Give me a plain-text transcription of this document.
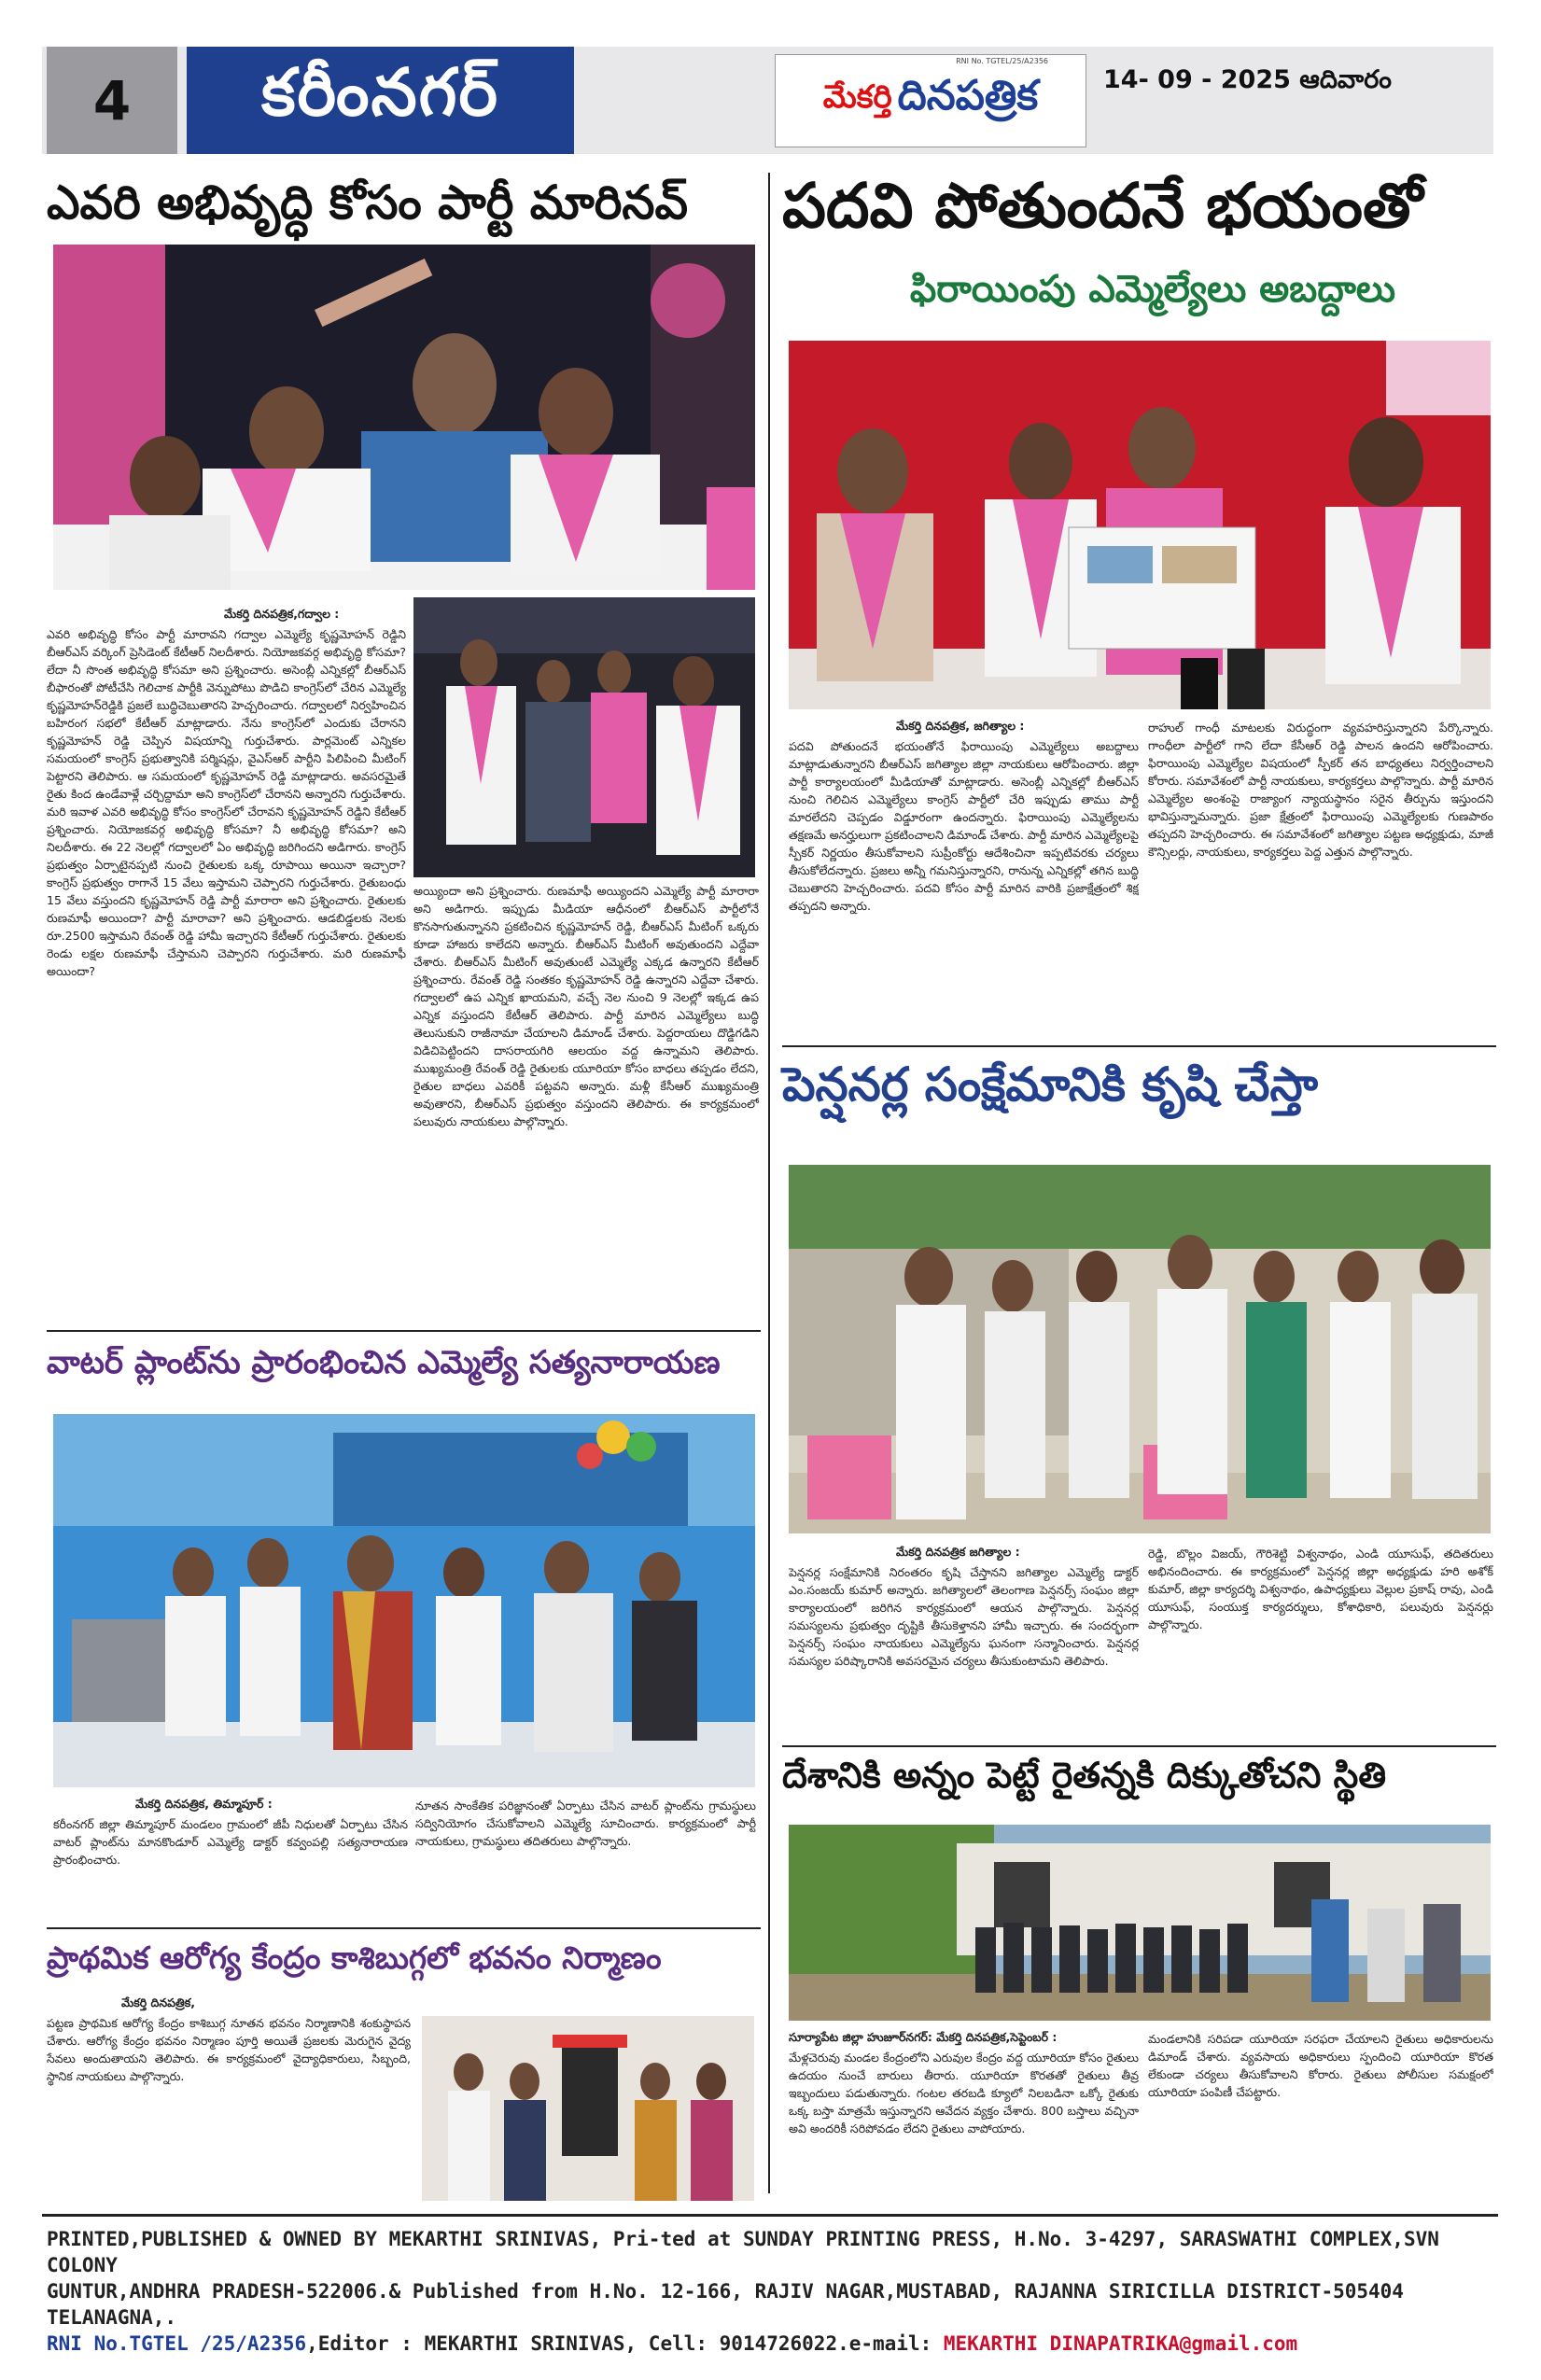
4	కరీంనగర్	RNI No. TGTEL/25/A2356
మేకర్తి దినపత్రిక	14- 09 - 2025 ఆదివారం
ఎవరి అభివృద్ధి కోసం పార్టీ మారినవ్
మేకర్తి దినపత్రిక,గద్వాల :
ఎవరి అభివృద్ధి కోసం పార్టీ మారావని గద్వాల ఎమ్మెల్యే కృష్ణమోహన్ రెడ్డిని బీఆర్ఎస్ వర్కింగ్ ప్రెసిడెంట్ కేటీఆర్ నిలదీశారు. నియోజకవర్గ అభివృద్ధి కోసమా? లేదా నీ సొంత అభివృద్ధి కోసమా అని ప్రశ్నించారు. అసెంబ్లీ ఎన్నికల్లో బీఆర్ఎస్ బీఫారంతో పోటీచేసి గెలిచాక పార్టీకి వెన్నుపోటు పొడిచి కాంగ్రెస్‌లో చేరిన ఎమ్మెల్యే కృష్ణమోహన్‌రెడ్డికి ప్రజలే బుద్ధిచెబుతారని హెచ్చరించారు. గద్వాలలో నిర్వహించిన బహిరంగ సభలో కేటీఆర్ మాట్లాడారు. నేను కాంగ్రెస్‌లో ఎందుకు చేరానని కృష్ణమోహన్ రెడ్డి చెప్పిన విషయాన్ని గుర్తుచేశారు. పార్లమెంట్ ఎన్నికల సమయంలో కాంగ్రెస్ ప్రభుత్వానికి పర్మిషన్లు, వైఎస్ఆర్ పార్టీని పిలిపించి మీటింగ్ పెట్టారని తెలిపారు. ఆ సమయంలో కృష్ణమోహన్ రెడ్డి మాట్లాడారు. అవసరమైతే రైతు కింద ఉండేవాళ్లే చర్చిద్దామా అని కాంగ్రెస్‌లో చేరానని అన్నారని గుర్తుచేశారు. మరి ఇవాళ ఎవరి అభివృద్ధి కోసం కాంగ్రెస్‌లో చేరావని కృష్ణమోహన్ రెడ్డిని కేటీఆర్ ప్రశ్నించారు. నియోజకవర్గ అభివృద్ధి కోసమా? నీ అభివృద్ధి కోసమా? అని నిలదీశారు. ఈ 22 నెలల్లో గద్వాలలో ఏం అభివృద్ధి జరిగిందని అడిగారు. కాంగ్రెస్ ప్రభుత్వం ఏర్పాటైనప్పటి నుంచి రైతులకు ఒక్క రూపాయి అయినా ఇచ్చారా? కాంగ్రెస్ ప్రభుత్వం రాగానే 15 వేలు ఇస్తామని చెప్పారని గుర్తుచేశారు. రైతుబంధు 15 వేలు వస్తుందని కృష్ణమోహన్ రెడ్డి పార్టీ మారారా అని ప్రశ్నించారు. రైతులకు రుణమాఫీ అయిందా? పార్టీ మారావా? అని ప్రశ్నించారు. ఆడబిడ్డలకు నెలకు రూ.2500 ఇస్తామని రేవంత్ రెడ్డి హామీ ఇచ్చారని కేటీఆర్ గుర్తుచేశారు. రైతులకు రెండు లక్షల రుణమాఫీ చేస్తామని చెప్పారని గుర్తుచేశారు. మరి రుణమాఫీ అయిందా?
అయ్యిందా అని ప్రశ్నించారు. రుణమాఫీ అయ్యిందని ఎమ్మెల్యే పార్టీ మారారా అని అడిగారు. ఇప్పుడు మీడియా ఆధీనంలో బీఆర్ఎస్ పార్టీలోనే కొనసాగుతున్నానని ప్రకటించిన కృష్ణమోహన్ రెడ్డి, బీఆర్ఎస్ మీటింగ్ ఒక్కరు కూడా హాజరు కాలేదని అన్నారు. బీఆర్ఎస్ మీటింగ్ అవుతుందని ఎద్దేవా చేశారు. బీఆర్ఎస్ మీటింగ్ అవుతుంటే ఎమ్మెల్యే ఎక్కడ ఉన్నారని కేటీఆర్ ప్రశ్నించారు. రేవంత్ రెడ్డి సంతకం కృష్ణమోహన్ రెడ్డి ఉన్నారని ఎద్దేవా చేశారు. గద్వాలలో ఉప ఎన్నిక ఖాయమని, వచ్చే నెల నుంచి 9 నెలల్లో ఇక్కడ ఉప ఎన్నిక వస్తుందని కేటీఆర్ తెలిపారు. పార్టీ మారిన ఎమ్మెల్యేలు బుద్ధి తెలుసుకుని రాజీనామా చేయాలని డిమాండ్ చేశారు. పెద్దరాయలు దొడ్డిగడిని విడిచిపెట్టిందని దాసరాయగిరి ఆలయం వద్ద ఉన్నామని తెలిపారు. ముఖ్యమంత్రి రేవంత్ రెడ్డి రైతులకు యూరియా కోసం బాధలు తప్పడం లేదని, రైతుల బాధలు ఎవరికీ పట్టవని అన్నారు. మళ్లీ కేసీఆర్ ముఖ్యమంత్రి అవుతారని, బీఆర్ఎస్ ప్రభుత్వం వస్తుందని తెలిపారు. ఈ కార్యక్రమంలో పలువురు నాయకులు పాల్గొన్నారు.
వాటర్ ప్లాంట్‌ను ప్రారంభించిన ఎమ్మెల్యే సత్యనారాయణ
మేకర్తి దినపత్రిక, తిమ్మాపూర్ :
కరీంనగర్ జిల్లా తిమ్మాపూర్ మండలం గ్రామంలో జీపీ నిధులతో ఏర్పాటు చేసిన వాటర్ ప్లాంట్‌ను మానకొండూర్ ఎమ్మెల్యే డాక్టర్ కవ్వంపల్లి సత్యనారాయణ ప్రారంభించారు.
నూతన సాంకేతిక పరిజ్ఞానంతో ఏర్పాటు చేసిన వాటర్ ప్లాంట్‌ను గ్రామస్థులు సద్వినియోగం చేసుకోవాలని ఎమ్మెల్యే సూచించారు. కార్యక్రమంలో పార్టీ నాయకులు, గ్రామస్థులు తదితరులు పాల్గొన్నారు.
ప్రాథమిక ఆరోగ్య కేంద్రం కాశిబుగ్గలో భవనం నిర్మాణం
మేకర్తి దినపత్రిక,
పట్టణ ప్రాథమిక ఆరోగ్య కేంద్రం కాశిబుగ్గ నూతన భవనం నిర్మాణానికి శంకుస్థాపన చేశారు. ఆరోగ్య కేంద్రం భవనం నిర్మాణం పూర్తి అయితే ప్రజలకు మెరుగైన వైద్య సేవలు అందుతాయని తెలిపారు. ఈ కార్యక్రమంలో వైద్యాధికారులు, సిబ్బంది, స్థానిక నాయకులు పాల్గొన్నారు.
పదవి పోతుందనే భయంతో
ఫిరాయింపు ఎమ్మెల్యేలు అబద్దాలు
మేకర్తి దినపత్రిక, జగిత్యాల :
పదవి పోతుందనే భయంతోనే ఫిరాయింపు ఎమ్మెల్యేలు అబద్దాలు మాట్లాడుతున్నారని బీఆర్ఎస్ జగిత్యాల జిల్లా నాయకులు ఆరోపించారు. జిల్లా పార్టీ కార్యాలయంలో మీడియాతో మాట్లాడారు. అసెంబ్లీ ఎన్నికల్లో బీఆర్ఎస్ నుంచి గెలిచిన ఎమ్మెల్యేలు కాంగ్రెస్ పార్టీలో చేరి ఇప్పుడు తాము పార్టీ మారలేదని చెప్పడం విడ్డూరంగా ఉందన్నారు. ఫిరాయింపు ఎమ్మెల్యేలను తక్షణమే అనర్హులుగా ప్రకటించాలని డిమాండ్ చేశారు. పార్టీ మారిన ఎమ్మెల్యేలపై స్పీకర్ నిర్ణయం తీసుకోవాలని సుప్రీంకోర్టు ఆదేశించినా ఇప్పటివరకు చర్యలు తీసుకోలేదన్నారు. ప్రజలు అన్నీ గమనిస్తున్నారని, రానున్న ఎన్నికల్లో తగిన బుద్ధి చెబుతారని హెచ్చరించారు. పదవి కోసం పార్టీ మారిన వారికి ప్రజాక్షేత్రంలో శిక్ష తప్పదని అన్నారు.
రాహుల్ గాంధీ మాటలకు విరుద్ధంగా వ్యవహరిస్తున్నారని పేర్కొన్నారు. గాంధీలా పార్టీలో గాని లేదా కేసీఆర్ రెడ్డి పాలన ఉందని ఆరోపించారు. ఫిరాయింపు ఎమ్మెల్యేల విషయంలో స్పీకర్ తన బాధ్యతలు నిర్వర్తించాలని కోరారు. సమావేశంలో పార్టీ నాయకులు, కార్యకర్తలు పాల్గొన్నారు. పార్టీ మారిన ఎమ్మెల్యేల అంశంపై రాజ్యాంగ న్యాయస్థానం సరైన తీర్పును ఇస్తుందని భావిస్తున్నామన్నారు. ప్రజా క్షేత్రంలో ఫిరాయింపు ఎమ్మెల్యేలకు గుణపాఠం తప్పదని హెచ్చరించారు. ఈ సమావేశంలో జగిత్యాల పట్టణ అధ్యక్షుడు, మాజీ కౌన్సిలర్లు, నాయకులు, కార్యకర్తలు పెద్ద ఎత్తున పాల్గొన్నారు.
పెన్షనర్ల సంక్షేమానికి కృషి చేస్తా
మేకర్తి దినపత్రిక జగిత్యాల :
పెన్షనర్ల సంక్షేమానికి నిరంతరం కృషి చేస్తానని జగిత్యాల ఎమ్మెల్యే డాక్టర్ ఎం.సంజయ్ కుమార్ అన్నారు. జగిత్యాలలో తెలంగాణ పెన్షనర్స్ సంఘం జిల్లా కార్యాలయంలో జరిగిన కార్యక్రమంలో ఆయన పాల్గొన్నారు. పెన్షనర్ల సమస్యలను ప్రభుత్వం దృష్టికి తీసుకెళ్తానని హామీ ఇచ్చారు. ఈ సందర్భంగా పెన్షనర్స్ సంఘం నాయకులు ఎమ్మెల్యేను ఘనంగా సన్మానించారు. పెన్షనర్ల సమస్యల పరిష్కారానికి అవసరమైన చర్యలు తీసుకుంటామని తెలిపారు.
రెడ్డి, బొల్లం విజయ్, గౌరిశెట్టి విశ్వనాథం, ఎండి యూసుఫ్, తదితరులు అభినందించారు. ఈ కార్యక్రమంలో పెన్షనర్ల జిల్లా అధ్యక్షుడు హరి అశోక్ కుమార్, జిల్లా కార్యదర్శి విశ్వనాథం, ఉపాధ్యక్షులు వెల్లుల ప్రకాష్ రావు, ఎండి యూసుఫ్, సంయుక్త కార్యదర్శులు, కోశాధికారి, పలువురు పెన్షనర్లు పాల్గొన్నారు.
దేశానికి అన్నం పెట్టే రైతన్నకి దిక్కుతోచని స్థితి
సూర్యాపేట జిల్లా హుజూర్‌నగర్: మేకర్తి దినపత్రిక,సెప్టెంబర్ :
మేళ్లచెరువు మండల కేంద్రంలోని ఎరువుల కేంద్రం వద్ద యూరియా కోసం రైతులు ఉదయం నుంచే బారులు తీరారు. యూరియా కొరతతో రైతులు తీవ్ర ఇబ్బందులు పడుతున్నారు. గంటల తరబడి క్యూలో నిలబడినా ఒక్కో రైతుకు ఒక్క బస్తా మాత్రమే ఇస్తున్నారని ఆవేదన వ్యక్తం చేశారు. 800 బస్తాలు వచ్చినా అవి అందరికీ సరిపోవడం లేదని రైతులు వాపోయారు.
మండలానికి సరిపడా యూరియా సరఫరా చేయాలని రైతులు అధికారులను డిమాండ్ చేశారు. వ్యవసాయ అధికారులు స్పందించి యూరియా కొరత లేకుండా చర్యలు తీసుకోవాలని కోరారు. రైతులు పోలీసుల సమక్షంలో యూరియా పంపిణీ చేపట్టారు.
PRINTED,PUBLISHED & OWNED BY MEKARTHI SRINIVAS, Pri-ted at SUNDAY PRINTING PRESS, H.No. 3-4297, SARASWATHI COMPLEX,SVN COLONY
GUNTUR,ANDHRA PRADESH-522006.& Published from H.No. 12-166, RAJIV NAGAR,MUSTABAD, RAJANNA SIRICILLA DISTRICT-505404 TELANAGNA,.
RNI No.TGTEL /25/A2356,Editor : MEKARTHI SRINIVAS, Cell: 9014726022.e-mail: MEKARTHI DINAPATRIKA@gmail.com
